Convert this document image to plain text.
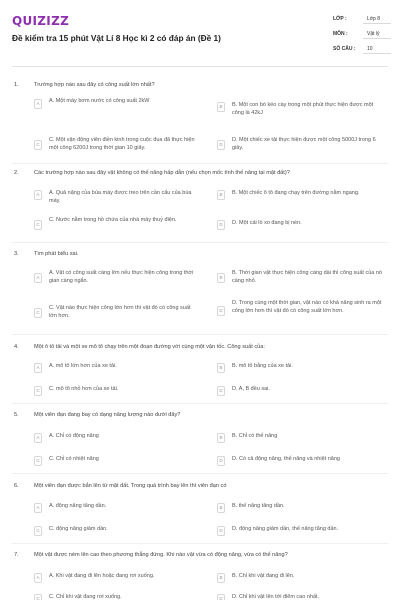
QUIZIZZ
Đề kiểm tra 15 phút Vật Lí 8 Học kì 2 có đáp án (Đề 1)
LỚP :	Lớp 8
MÔN :	Vật lý
SỐ CÂU : 10
1.	Trường hợp nào sau đây có công suất lớn nhất?
A	A. Một máy bơm nước có công suất 2kW
B	B. Một con bò kéo cày trong một phút thực hiện được một công là 42kJ
C
C. Một vận động viên điền kinh trong cuộc đua đã thực hiện một công 6200J trong thời gian 10 giây.
D
D. Một chiếc xe tải thực hiện được một công 5000J trong 6 giây.
2.	Các trường hợp nào sau đây vật không có thế năng hấp dẫn (nếu chọn mốc tính thế năng tại mặt đất)?
A	A. Quả nặng của búa máy được treo trên cần cẩu của búa máy.
B	B. Một chiếc ô tô đang chạy trên đường nằm ngang.
C
C. Nước nằm trong hồ chứa của nhà máy thuỷ điện.
D	D. Một cái lò xo đang bị nén.
3.	Tìm phát biểu sai.
A
A. Vật có công suất càng lớn nếu thực hiện công trong thời gian càng ngắn.
B
B. Thời gian vật thực hiện công càng dài thì công suất của nó càng nhỏ.
C
C. Vật nào thực hiện công lớn hơn thì vật đó có công suất lớn hơn.
D
D. Trong cùng một thời gian, vật nào có khả năng sinh ra một công lớn hơn thì vật đó có công suất lớn hơn.
4.	Một ô tô tải và một xe mô tô chạy trên một đoạn đường với cùng một vận tốc. Công suất của:
A	A. mô tô lớn hơn của xe tải.	B	B. mô tô bằng của xe tải.
C	C. mô tô nhỏ hơn của xe tải.	D	D. A, B đều sai.
5.	Một viên đạn đang bay có dạng năng lượng nào dưới đây?
A	A. Chỉ có động năng	B	B. Chỉ có thế năng
C	C. Chỉ có nhiệt năng	D	D. Có cả động năng, thế năng và nhiệt năng
6.	Một viên đạn được bắn lên từ mặt đất. Trong quá trình bay lên thì viên đạn có
A	A. động năng tăng dần.	B	B. thế năng tăng dần.
C	C. động năng giảm dần.	D	D. động năng giảm dần, thế năng tăng dần.
7.	Một vật được ném lên cao theo phương thẳng đứng. Khi nào vật vừa có động năng, vừa có thế năng?
A	A. Khi vật đang đi lên hoặc đang rơi xuống.	B	B. Chỉ khi vật đang đi lên.
C	C. Chỉ khi vật đang rơi xuống.	D	D. Chỉ khi vật lên tới điểm cao nhất.
